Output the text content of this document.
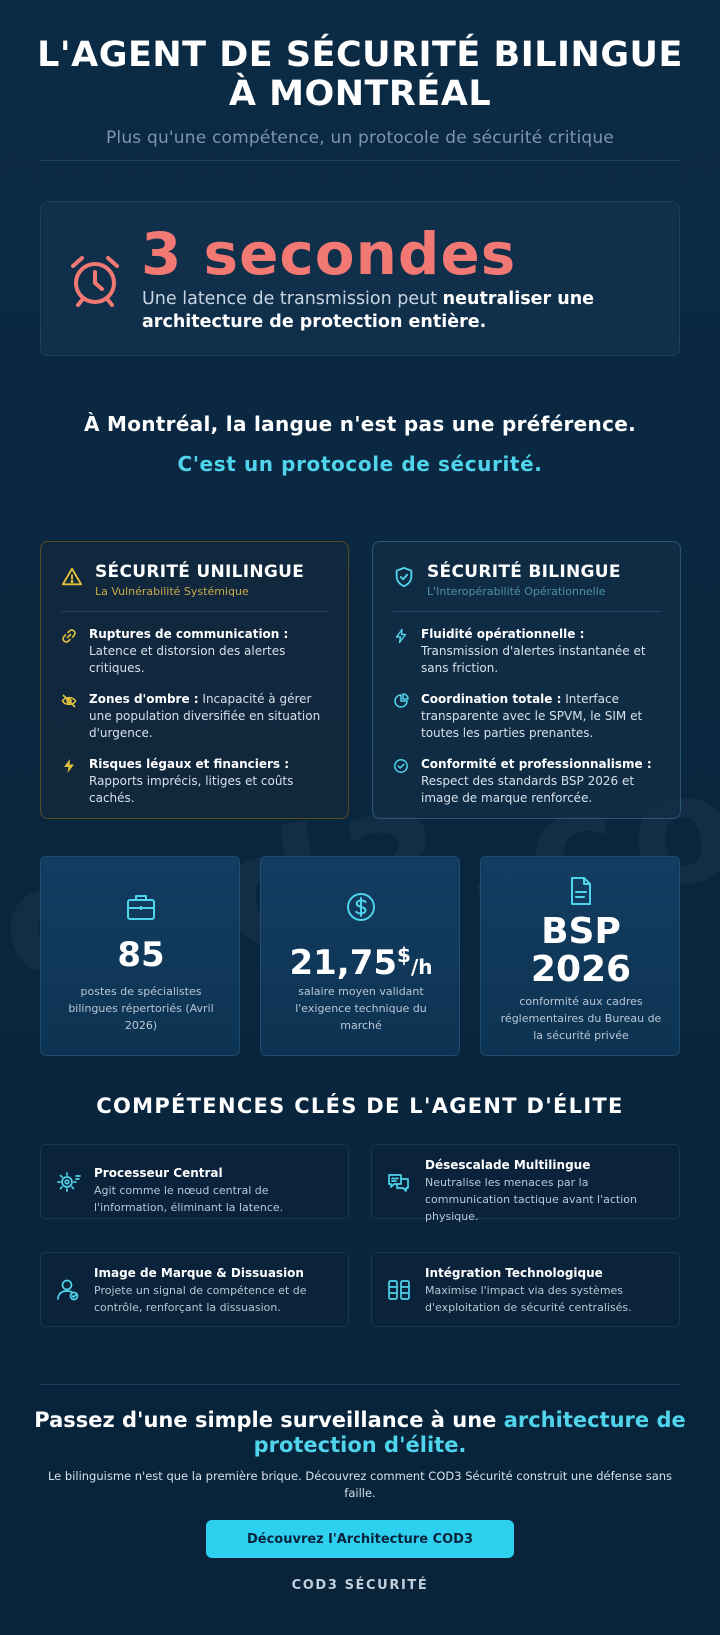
L'AGENT DE SÉCURITÉ BILINGUE
À MONTRÉAL
Plus qu'une compétence, un protocole de sécurité critique
3 secondes
Une latence de transmission peut neutraliser une architecture de protection entière.
À Montréal, la langue n'est pas une préférence.
C'est un protocole de sécurité.
SÉCURITÉ UNILINGUE
La Vulnérabilité Systémique
Ruptures de communication : Latence et distorsion des alertes critiques.
Zones d'ombre : Incapacité à gérer une population diversifiée en situation d'urgence.
Risques légaux et financiers : Rapports imprécis, litiges et coûts cachés.
SÉCURITÉ BILINGUE
L'Interopérabilité Opérationnelle
Fluidité opérationnelle : Transmission d'alertes instantanée et sans friction.
Coordination totale : Interface transparente avec le SPVM, le SIM et toutes les parties prenantes.
Conformité et professionnalisme : Respect des standards BSP 2026 et image de marque renforcée.
85
postes de spécialistes bilingues répertoriés (Avril 2026)
21,75$/h
salaire moyen validant l'exigence technique du marché
BSP
2026
conformité aux cadres réglementaires du Bureau de la sécurité privée
COMPÉTENCES CLÉS DE L'AGENT D'ÉLITE
Processeur Central
Agit comme le nœud central de l'information, éliminant la latence.
Désescalade Multilingue
Neutralise les menaces par la communication tactique avant l'action physique.
Image de Marque & Dissuasion
Projete un signal de compétence et de contrôle, renforçant la dissuasion.
Intégration Technologique
Maximise l'impact via des systèmes d'exploitation de sécurité centralisés.
Passez d'une simple surveillance à une architecture de protection d'élite.
Le bilinguisme n'est que la première brique. Découvrez comment COD3 Sécurité construit une défense sans faille.
Découvrez l'Architecture COD3
COD3 SÉCURITÉ
